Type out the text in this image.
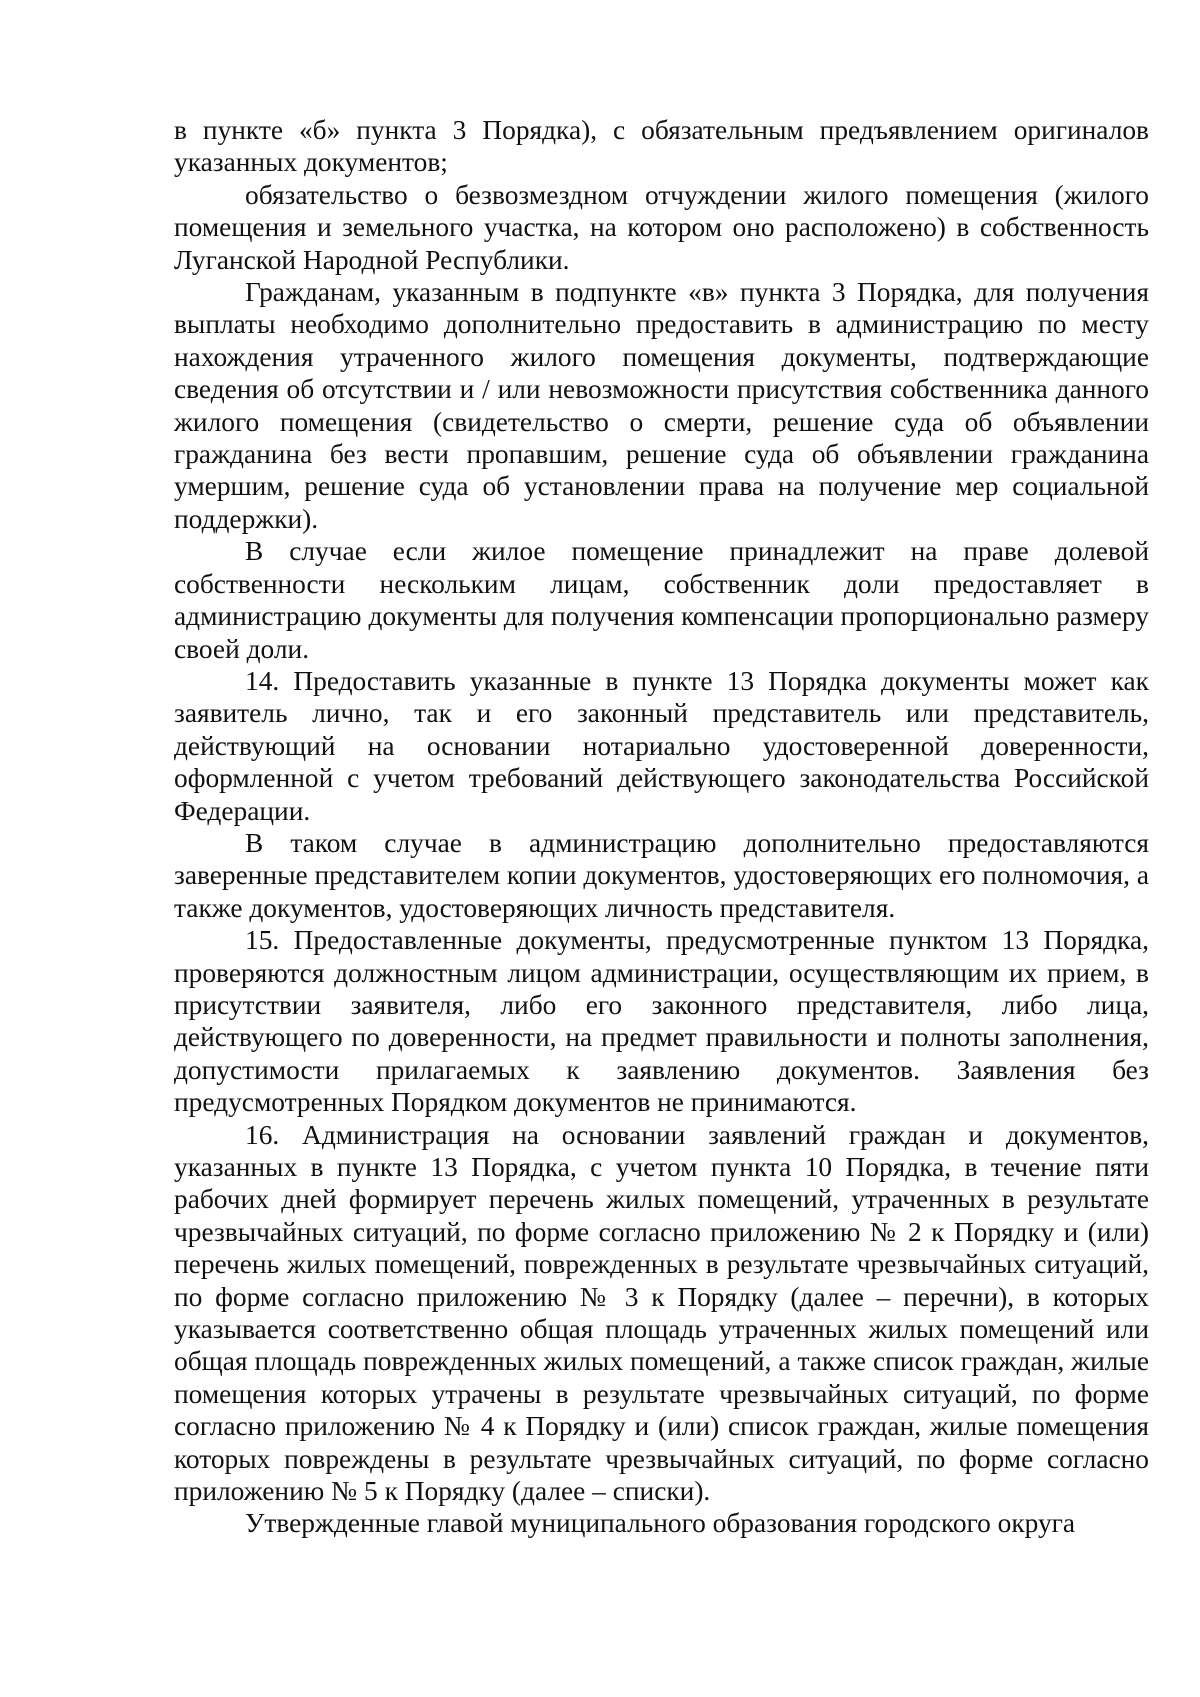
в пункте «б» пункта 3 Порядка), с обязательным предъявлением оригиналов указанных документов;

обязательство о безвозмездном отчуждении жилого помещения (жилого помещения и земельного участка, на котором оно расположено) в собственность Луганской Народной Республики.

Гражданам, указанным в подпункте «в» пункта 3 Порядка, для получения выплаты необходимо дополнительно предоставить в администрацию по месту нахождения утраченного жилого помещения документы, подтверждающие сведения об отсутствии и / или невозможности присутствия собственника данного жилого помещения (свидетельство о смерти, решение суда об объявлении гражданина без вести пропавшим, решение суда об объявлении гражданина умершим, решение суда об установлении права на получение мер социальной поддержки).

В случае если жилое помещение принадлежит на праве долевой собственности нескольким лицам, собственник доли предоставляет в администрацию документы для получения компенсации пропорционально размеру своей доли.

14. Предоставить указанные в пункте 13 Порядка документы может как заявитель лично, так и его законный представитель или представитель, действующий на основании нотариально удостоверенной доверенности, оформленной с учетом требований действующего законодательства Российской Федерации.

В таком случае в администрацию дополнительно предоставляются заверенные представителем копии документов, удостоверяющих его полномочия, а также документов, удостоверяющих личность представителя.

15. Предоставленные документы, предусмотренные пунктом 13 Порядка, проверяются должностным лицом администрации, осуществляющим их прием, в присутствии заявителя, либо его законного представителя, либо лица, действующего по доверенности, на предмет правильности и полноты заполнения, допустимости прилагаемых к заявлению документов. Заявления без предусмотренных Порядком документов не принимаются.

16. Администрация на основании заявлений граждан и документов, указанных в пункте 13 Порядка, с учетом пункта 10 Порядка, в течение пяти рабочих дней формирует перечень жилых помещений, утраченных в результате чрезвычайных ситуаций, по форме согласно приложению № 2 к Порядку и (или) перечень жилых помещений, поврежденных в результате чрезвычайных ситуаций, по форме согласно приложению № 3 к Порядку (далее – перечни), в которых указывается соответственно общая площадь утраченных жилых помещений или общая площадь поврежденных жилых помещений, а также список граждан, жилые помещения которых утрачены в результате чрезвычайных ситуаций, по форме согласно приложению № 4 к Порядку и (или) список граждан, жилые помещения которых повреждены в результате чрезвычайных ситуаций, по форме согласно приложению № 5 к Порядку (далее – списки).

Утвержденные главой муниципального образования городского округа
